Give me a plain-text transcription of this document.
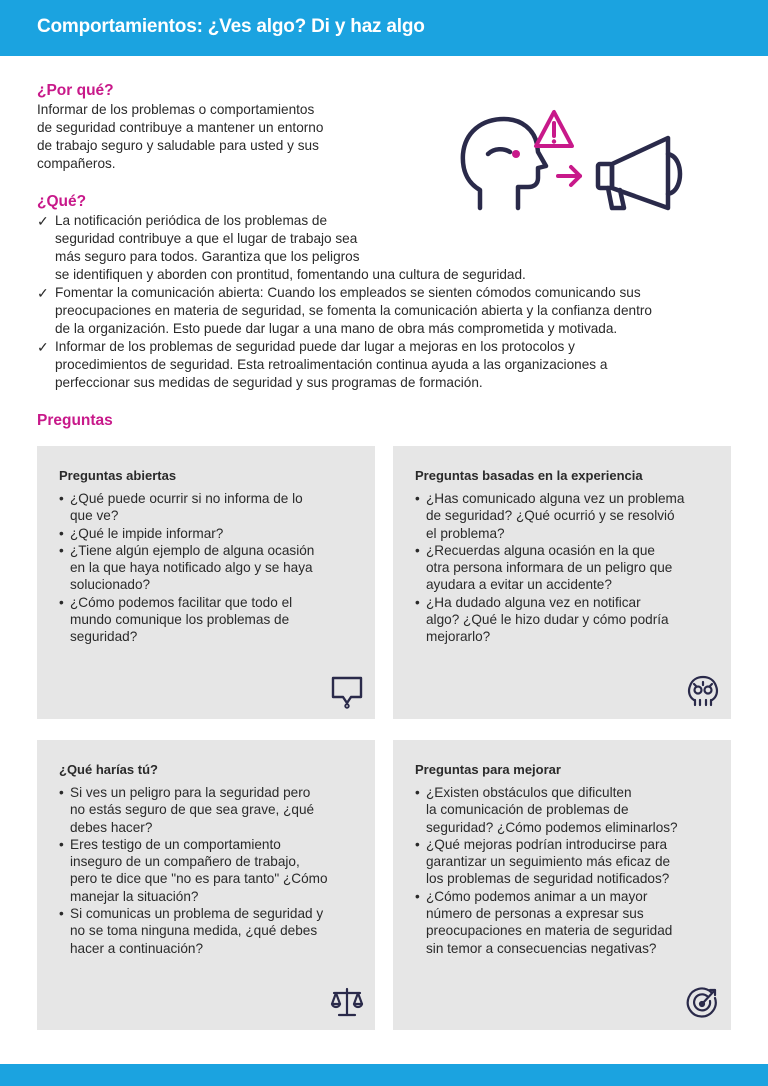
Comportamientos: ¿Ves algo? Di y haz algo
¿Por qué?
Informar de los problemas o comportamientos
de seguridad contribuye a mantener un entorno
de trabajo seguro y saludable para usted y sus
compañeros.
¿Qué?
✓ La notificación periódica de los problemas de
seguridad contribuye a que el lugar de trabajo sea
más seguro para todos. Garantiza que los peligros
se identifiquen y aborden con prontitud, fomentando una cultura de seguridad.
✓ Fomentar la comunicación abierta: Cuando los empleados se sienten cómodos comunicando sus
preocupaciones en materia de seguridad, se fomenta la comunicación abierta y la confianza dentro
de la organización. Esto puede dar lugar a una mano de obra más comprometida y motivada.
✓ Informar de los problemas de seguridad puede dar lugar a mejoras en los protocolos y
procedimientos de seguridad. Esta retroalimentación continua ayuda a las organizaciones a
perfeccionar sus medidas de seguridad y sus programas de formación.
Preguntas
Preguntas abiertas
• ¿Qué puede ocurrir si no informa de lo
que ve?
• ¿Qué le impide informar?
• ¿Tiene algún ejemplo de alguna ocasión
en la que haya notificado algo y se haya
solucionado?
• ¿Cómo podemos facilitar que todo el
mundo comunique los problemas de
seguridad?
Preguntas basadas en la experiencia
• ¿Has comunicado alguna vez un problema
de seguridad? ¿Qué ocurrió y se resolvió
el problema?
• ¿Recuerdas alguna ocasión en la que
otra persona informara de un peligro que
ayudara a evitar un accidente?
• ¿Ha dudado alguna vez en notificar
algo? ¿Qué le hizo dudar y cómo podría
mejorarlo?
¿Qué harías tú?
• Si ves un peligro para la seguridad pero
no estás seguro de que sea grave, ¿qué
debes hacer?
• Eres testigo de un comportamiento
inseguro de un compañero de trabajo,
pero te dice que "no es para tanto" ¿Cómo
manejar la situación?
• Si comunicas un problema de seguridad y
no se toma ninguna medida, ¿qué debes
hacer a continuación?
Preguntas para mejorar
• ¿Existen obstáculos que dificulten
la comunicación de problemas de
seguridad? ¿Cómo podemos eliminarlos?
• ¿Qué mejoras podrían introducirse para
garantizar un seguimiento más eficaz de
los problemas de seguridad notificados?
• ¿Cómo podemos animar a un mayor
número de personas a expresar sus
preocupaciones en materia de seguridad
sin temor a consecuencias negativas?
